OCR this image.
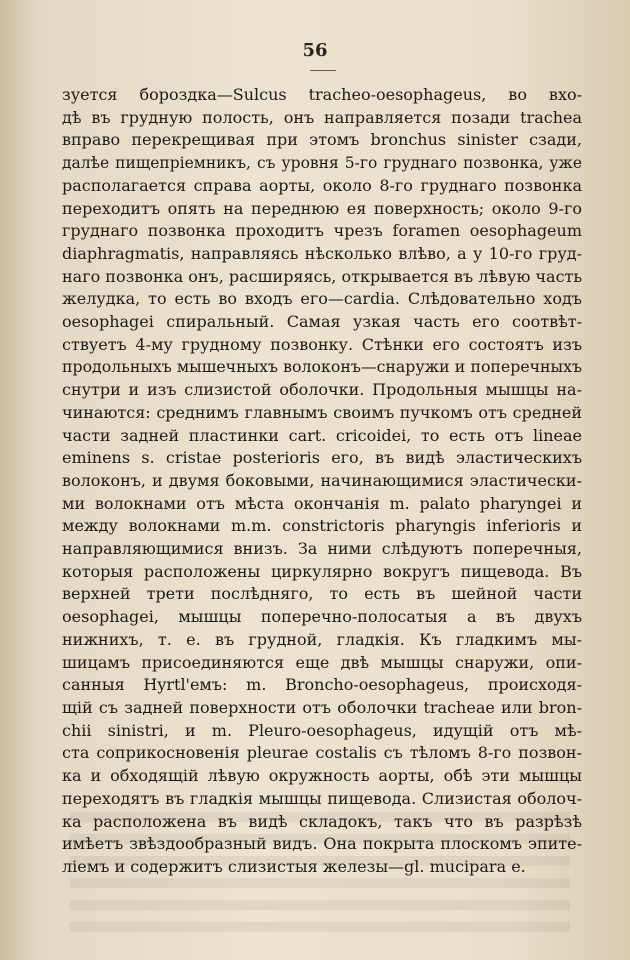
56
зуется бороздка—Sulcus tracheo-oesophageus, во вхо-
дѣ въ грудную полость, онъ направляется позади trachea
вправо перекрещивая при этомъ bronchus sinister сзади,
далѣе пищепріемникъ, съ уровня 5-го груднаго позвонка, уже
располагается справа аорты, около 8-го груднаго позвонка
переходитъ опять на переднюю ея поверхность; около 9-го
груднаго позвонка проходитъ чрезъ foramen oesophageum
diaphragmatis, направляясь нѣсколько влѣво, а у 10-го груд-
наго позвонка онъ, расширяясь, открывается въ лѣвую часть
желудка, то есть во входъ его—cardia. Слѣдовательно ходъ
oesophagei спиральный. Самая узкая часть его соотвѣт-
ствуетъ 4-му грудному позвонку. Стѣнки его состоятъ изъ
продольныхъ мышечныхъ волоконъ—снаружи и поперечныхъ
снутри и изъ слизистой оболочки. Продольныя мышцы на-
чинаются: среднимъ главнымъ своимъ пучкомъ отъ средней
части задней пластинки cart. cricoidei, то есть отъ lineae
eminens s. cristae posterioris его, въ видѣ эластическихъ
волоконъ, и двумя боковыми, начинающимися эластически-
ми волокнами отъ мѣста окончанія m. palato pharyngei и
между волокнами m.m. constrictoris pharyngis inferioris и
направляющимися внизъ. За ними слѣдуютъ поперечныя,
которыя расположены циркулярно вокругъ пищевода. Въ
верхней трети послѣдняго, то есть въ шейной части
oesophagei, мышцы поперечно-полосатыя а въ двухъ
нижнихъ, т. е. въ грудной, гладкія. Къ гладкимъ мы-
шицамъ присоединяются еще двѣ мышцы снаружи, опи-
санныя Hyrtl'емъ: m. Broncho-oesophageus, происходя-
щій съ задней поверхности отъ оболочки tracheae или bron-
chii sinistri, и m. Pleuro-oesophageus, идущій отъ мѣ-
ста соприкосновенія pleurae costalis съ тѣломъ 8-го позвон-
ка и обходящій лѣвую окружность аорты, обѣ эти мышцы
переходятъ въ гладкія мышцы пищевода. Слизистая оболоч-
ка расположена въ видѣ складокъ, такъ что въ разрѣзѣ
имѣетъ звѣздообразный видъ. Она покрыта плоскомъ эпите-
ліемъ и содержитъ слизистыя железы—gl. mucipara e.
